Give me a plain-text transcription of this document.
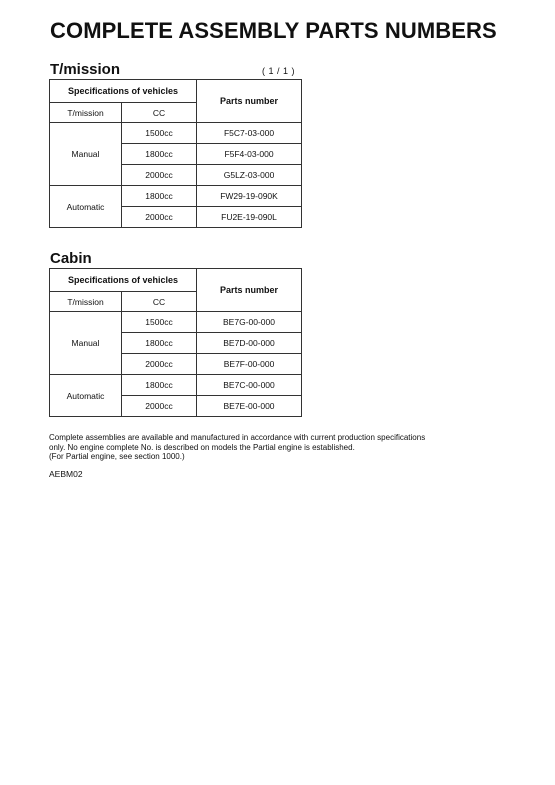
COMPLETE ASSEMBLY PARTS NUMBERS
T/mission	( 1 / 1 )
Specifications of vehicles		Parts number
T/mission	CC	
Manual	1500cc	F5C7-03-000
	1800cc	F5F4-03-000
	2000cc	G5LZ-03-000
Automatic	1800cc	FW29-19-090K
	2000cc	FU2E-19-090L
Cabin
Specifications of vehicles		Parts number
T/mission	CC	
Manual	1500cc	BE7G-00-000
	1800cc	BE7D-00-000
	2000cc	BE7F-00-000
Automatic	1800cc	BE7C-00-000
	2000cc	BE7E-00-000
Complete assemblies are available and manufactured in accordance with current production specifications
only. No engine complete No. is described on models the Partial engine is established.
(For Partial engine, see section 1000.)
AEBM02
